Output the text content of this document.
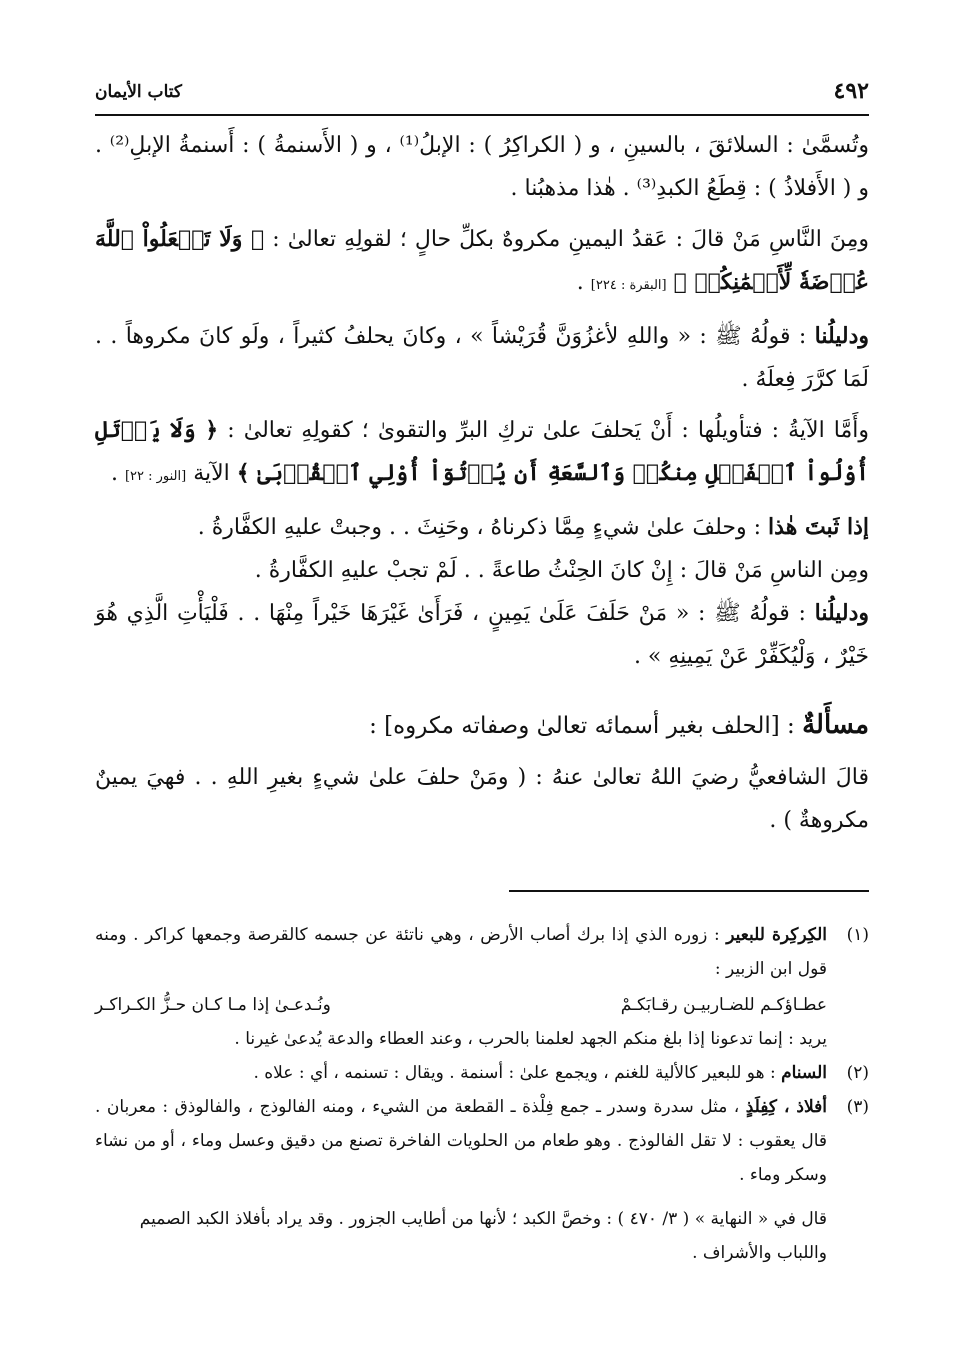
٤٩٢
كتاب الأيمان

وتُسمَّىٰ : السلائقَ ، بالسينِ ، و ( الكراكِرُ ) : الإبلُ⁽¹⁾ ، و ( الأَسنمةُ ) : أَسنمةُ الإبلِ⁽²⁾ . و ( الأَفلاذُ ) : قِطَعُ الكبدِ⁽³⁾ . هٰذا مذهبُنا .

ومِنَ النَّاسِ مَنْ قالَ : عَقدُ اليمينِ مكروهٌ بكلِّ حالٍ ؛ لقولِهِ تعالىٰ : ﴿ وَلَا تَجۡعَلُواْ ٱللَّهَ عُرۡضَةٗ لِّأَيۡمَٰنِكُمۡ ﴾ [البقرة : ٢٢٤] .

ودليلُنا : قولُهُ ﷺ : « واللهِ لأغزُوَنَّ قُرَيْشاً » ، وكانَ يحلفُ كثيراً ، ولَو كانَ مكروهاً . . لَمَا كرَّرَ فِعلَهُ .

وأَمَّا الآيةُ : فتأويلُها : أَنْ يَحلفَ علىٰ تركِ البرِّ والتقوىٰ ؛ كقولِهِ تعالىٰ : ﴿ وَلَا يَأۡتَلِ أُوْلُواْ ٱلۡفَضۡلِ مِنكُمۡ وَٱلسَّعَةِ أَن يُؤۡتُوٓاْ أُوْلِي ٱلۡقُرۡبَىٰ ﴾ الآية [النور : ٢٢] .

إذا ثَبتَ هٰذا : وحلفَ علىٰ شيءٍ مِمَّا ذكرناهُ ، وحَنِثَ . . وجبتْ عليهِ الكفَّارةُ .

ومِن الناسِ مَنْ قالَ : إِنْ كانَ الحِنْثُ طاعةً . . لَمْ تجبْ عليهِ الكفَّارةُ .

ودليلُنا : قولُهُ ﷺ : « مَنْ حَلَفَ عَلَىٰ يَمِينٍ ، فَرَأَىٰ غَيْرَهَا خَيْراً مِنْهَا . . فَلْيَأْتِ الَّذِي هُوَ خَيْرٌ ، وَلْيُكَفِّرْ عَنْ يَمِينِهِ » .

مسأَلةٌ : [الحلف بغير أسمائه تعالىٰ وصفاته مكروه] :

قالَ الشافعيُّ رضيَ اللهُ تعالىٰ عنهُ : ( ومَنْ حلفَ علىٰ شيءٍ بغيرِ اللهِ . . فهيَ يمينٌ مكروهةٌ ) .

(١)
الكِركِرة للبعير : زوره الذي إذا برك أصاب الأرض ، وهي ناتئة عن جسمه كالقرصة وجمعها كراكر . ومنه قول ابن الزبير :
عطـاؤكـم للضـاربيـن رقـابَكـمْ
ونُـدعـىٰ إذا مـا كـان حـزُّ الكـراكـر
يريد : إنما تدعونا إذا بلغ منكم الجهد لعلمنا بالحرب ، وعند العطاء والدعة يُدعىٰ غيرنا .
(٢)
السنام : هو للبعير كالألية للغنم ، ويجمع علىٰ : أسنمة . ويقال : تسنمه ، أي : علاه .
(٣)
أفلاذ ، كِفِلَذٍ ، مثل سدرة وسدر ـ جمع فِلْذة ـ القطعة من الشيء ، ومنه الفالوذج ، والفالوذق : معربان . قال يعقوب : لا تقل الفالوذج . وهو طعام من الحلويات الفاخرة تصنع من دقيق وعسل وماء ، أو من نشاء وسكر وماء .
قال في « النهاية » ( ٣/ ٤٧٠ ) : وخصَّ الكبد ؛ لأنها من أطايب الجزور . وقد يراد بأفلاذ الكبد الصميم واللباب والأشراف .
